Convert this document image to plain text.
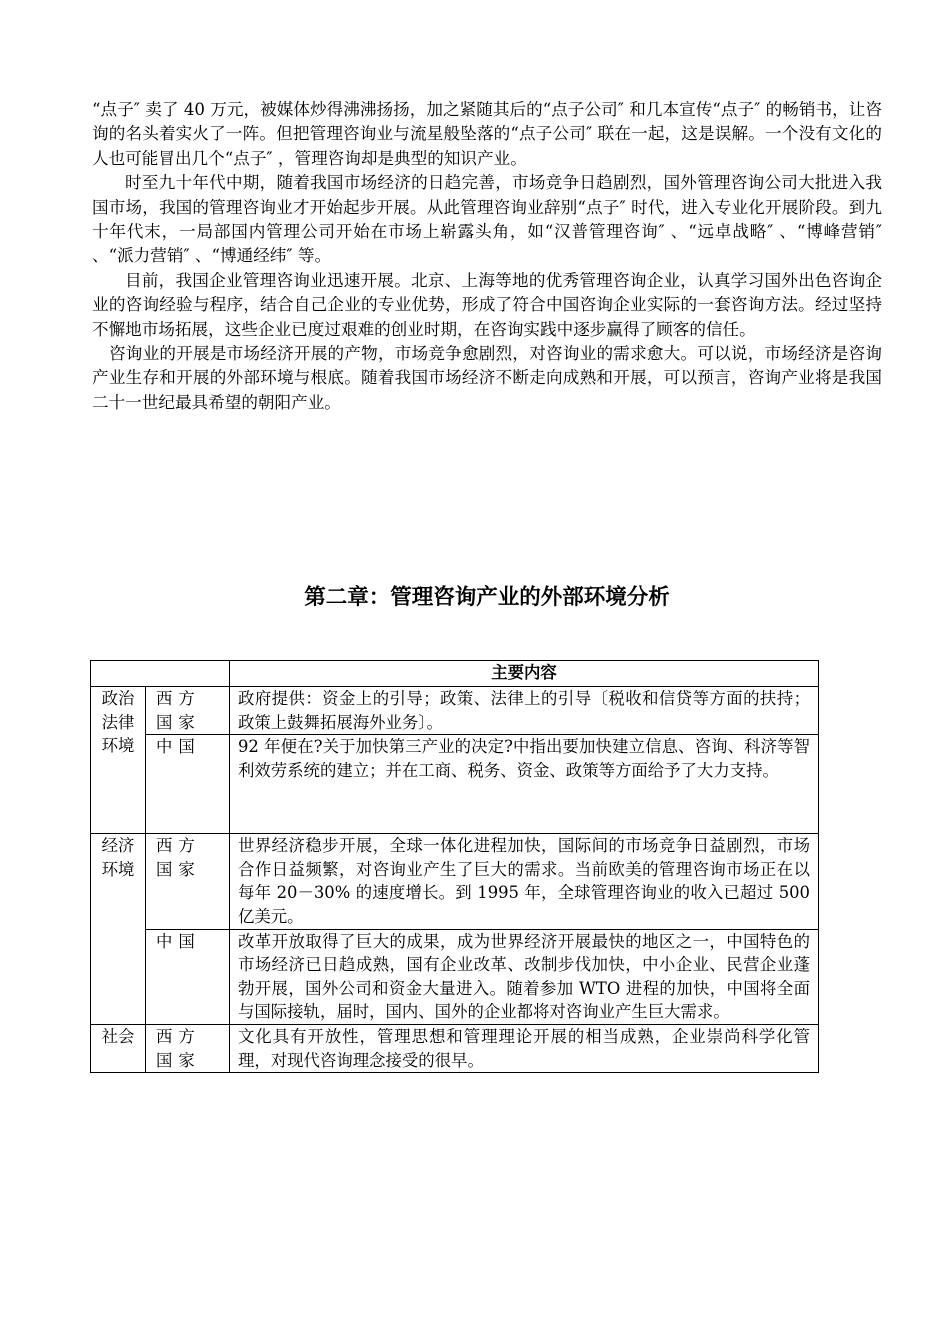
“点子″ 卖了 40 万元，被媒体炒得沸沸扬扬，加之紧随其后的“点子公司″ 和几本宣传“点子″ 的畅销书，让咨询的名头着实火了一阵。但把管理咨询业与流星般坠落的“点子公司″ 联在一起，这是误解。一个没有文化的人也可能冒出几个“点子″ ，管理咨询却是典型的知识产业。

时至九十年代中期，随着我国市场经济的日趋完善，市场竞争日趋剧烈，国外管理咨询公司大批进入我国市场，我国的管理咨询业才开始起步开展。从此管理咨询业辞别“点子″ 时代，进入专业化开展阶段。到九十年代末，一局部国内管理公司开始在市场上崭露头角，如“汉普管理咨询″ 、“远卓战略″ 、“博峰营销″ 、“派力营销″ 、“博通经纬″ 等。

目前，我国企业管理咨询业迅速开展。北京、上海等地的优秀管理咨询企业，认真学习国外出色咨询企业的咨询经验与程序，结合自己企业的专业优势，形成了符合中国咨询企业实际的一套咨询方法。经过坚持不懈地市场拓展，这些企业已度过艰难的创业时期，在咨询实践中逐步赢得了顾客的信任。

咨询业的开展是市场经济开展的产物，市场竞争愈剧烈，对咨询业的需求愈大。可以说，市场经济是咨询产业生存和开展的外部环境与根底。随着我国市场经济不断走向成熟和开展，可以预言，咨询产业将是我国二十一世纪最具希望的朝阳产业。

第二章：管理咨询产业的外部环境分析
		主要内容
政治法律环境	西方国家	政府提供：资金上的引导；政策、法律上的引导〔税收和信贷等方面的扶持；政策上鼓舞拓展海外业务〕。
	中国	92 年便在?关于加快第三产业的决定?中指出要加快建立信息、咨询、科济等智利效劳系统的建立；并在工商、税务、资金、政策等方面给予了大力支持。
经济环境	西方国家	世界经济稳步开展，全球一体化进程加快，国际间的市场竞争日益剧烈，市场合作日益频繁，对咨询业产生了巨大的需求。当前欧美的管理咨询市场正在以每年 20－30% 的速度增长。到 1995 年，全球管理咨询业的收入已超过 500 亿美元。
	中国	改革开放取得了巨大的成果，成为世界经济开展最快的地区之一，中国特色的市场经济已日趋成熟，国有企业改革、改制步伐加快，中小企业、民营企业蓬勃开展，国外公司和资金大量进入。随着参加 WTO 进程的加快，中国将全面与国际接轨，届时，国内、国外的企业都将对咨询业产生巨大需求。
社会	西方国家	文化具有开放性，管理思想和管理理论开展的相当成熟，企业崇尚科学化管理，对现代咨询理念接受的很早。
